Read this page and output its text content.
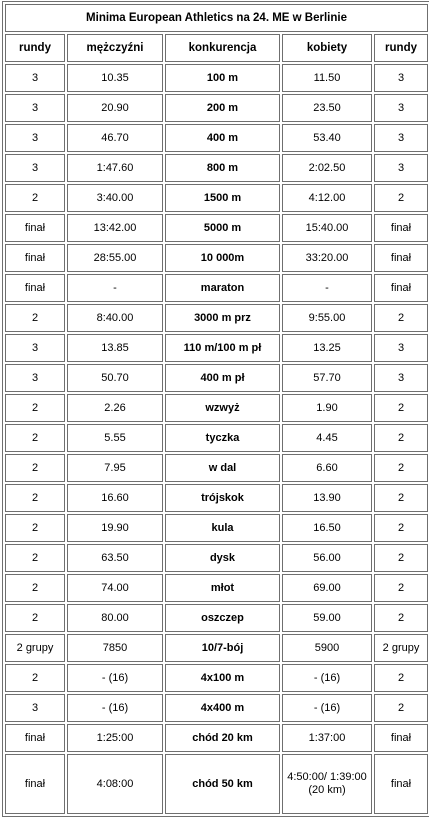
Minima European Athletics na 24. ME w Berlinie				
rundy	mężczyźni	konkurencja	kobiety	rundy
3	10.35	100 m	11.50	3
3	20.90	200 m	23.50	3
3	46.70	400 m	53.40	3
3	1:47.60	800 m	2:02.50	3
2	3:40.00	1500 m	4:12.00	2
finał	13:42.00	5000 m	15:40.00	finał
finał	28:55.00	10 000m	33:20.00	finał
finał	-	maraton	-	finał
2	8:40.00	3000 m prz	9:55.00	2
3	13.85	110 m/100 m pł	13.25	3
3	50.70	400 m pł	57.70	3
2	2.26	wzwyż	1.90	2
2	5.55	tyczka	4.45	2
2	7.95	w dal	6.60	2
2	16.60	trójskok	13.90	2
2	19.90	kula	16.50	2
2	63.50	dysk	56.00	2
2	74.00	młot	69.00	2
2	80.00	oszczep	59.00	2
2 grupy	7850	10/7-bój	5900	2 grupy
2	- (16)	4x100 m	- (16)	2
3	- (16)	4x400 m	- (16)	2
finał	1:25:00	chód 20 km	1:37:00	finał
finał	4:08:00	chód 50 km	4:50:00/ 1:39:00 (20 km)	finał
